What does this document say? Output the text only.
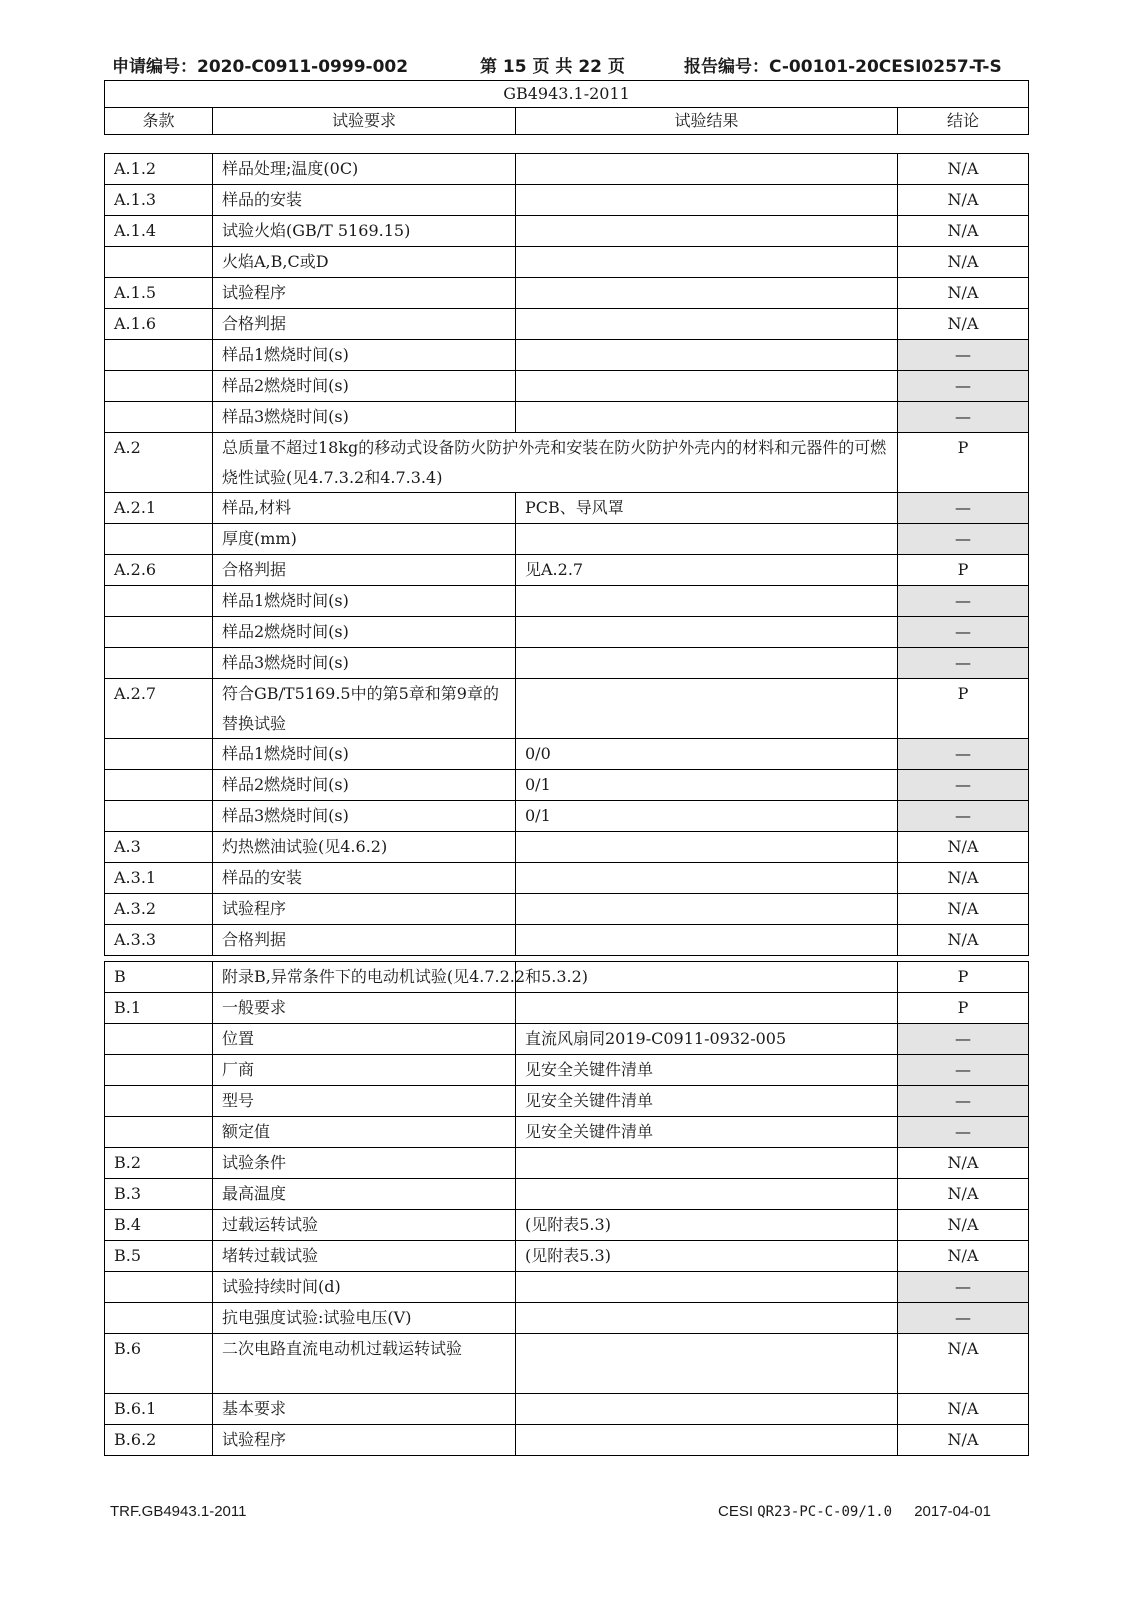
申请编号：2020-C0911-0999-002	第 15 页 共 22 页	报告编号：C-00101-20CESI0257-T-S
GB4943.1-2011
条款	试验要求	试验结果	结论
A.1.2	样品处理;温度(0C)		N/A
A.1.3	样品的安装		N/A
A.1.4	试验火焰(GB/T 5169.15)		N/A
	火焰A,B,C或D		N/A
A.1.5	试验程序		N/A
A.1.6	合格判据		N/A
	样品1燃烧时间(s)		—
	样品2燃烧时间(s)		—
	样品3燃烧时间(s)		—
A.2	总质量不超过18kg的移动式设备防火防护外壳和安装在防火防护外壳内的材料和元器件的可燃烧性试验(见4.7.3.2和4.7.3.4)		P
A.2.1	样品,材料	PCB、导风罩	—
	厚度(mm)		—
A.2.6	合格判据	见A.2.7	P
	样品1燃烧时间(s)		—
	样品2燃烧时间(s)		—
	样品3燃烧时间(s)		—
A.2.7	符合GB/T5169.5中的第5章和第9章的替换试验		P
	样品1燃烧时间(s)	0/0	—
	样品2燃烧时间(s)	0/1	—
	样品3燃烧时间(s)	0/1	—
A.3	灼热燃油试验(见4.6.2)		N/A
A.3.1	样品的安装		N/A
A.3.2	试验程序		N/A
A.3.3	合格判据		N/A
B	附录B,异常条件下的电动机试验(见4.7.2.2和5.3.2)		P
B.1	一般要求		P
	位置	直流风扇同2019-C0911-0932-005	—
	厂商	见安全关键件清单	—
	型号	见安全关键件清单	—
	额定值	见安全关键件清单	—
B.2	试验条件		N/A
B.3	最高温度		N/A
B.4	过载运转试验	(见附表5.3)	N/A
B.5	堵转过载试验	(见附表5.3)	N/A
	试验持续时间(d)		—
	抗电强度试验:试验电压(V)		—
B.6	二次电路直流电动机过载运转试验		N/A
B.6.1	基本要求		N/A
B.6.2	试验程序		N/A
TRF.GB4943.1-2011	CESI QR23-PC-C-09/1.0 2017-04-01
